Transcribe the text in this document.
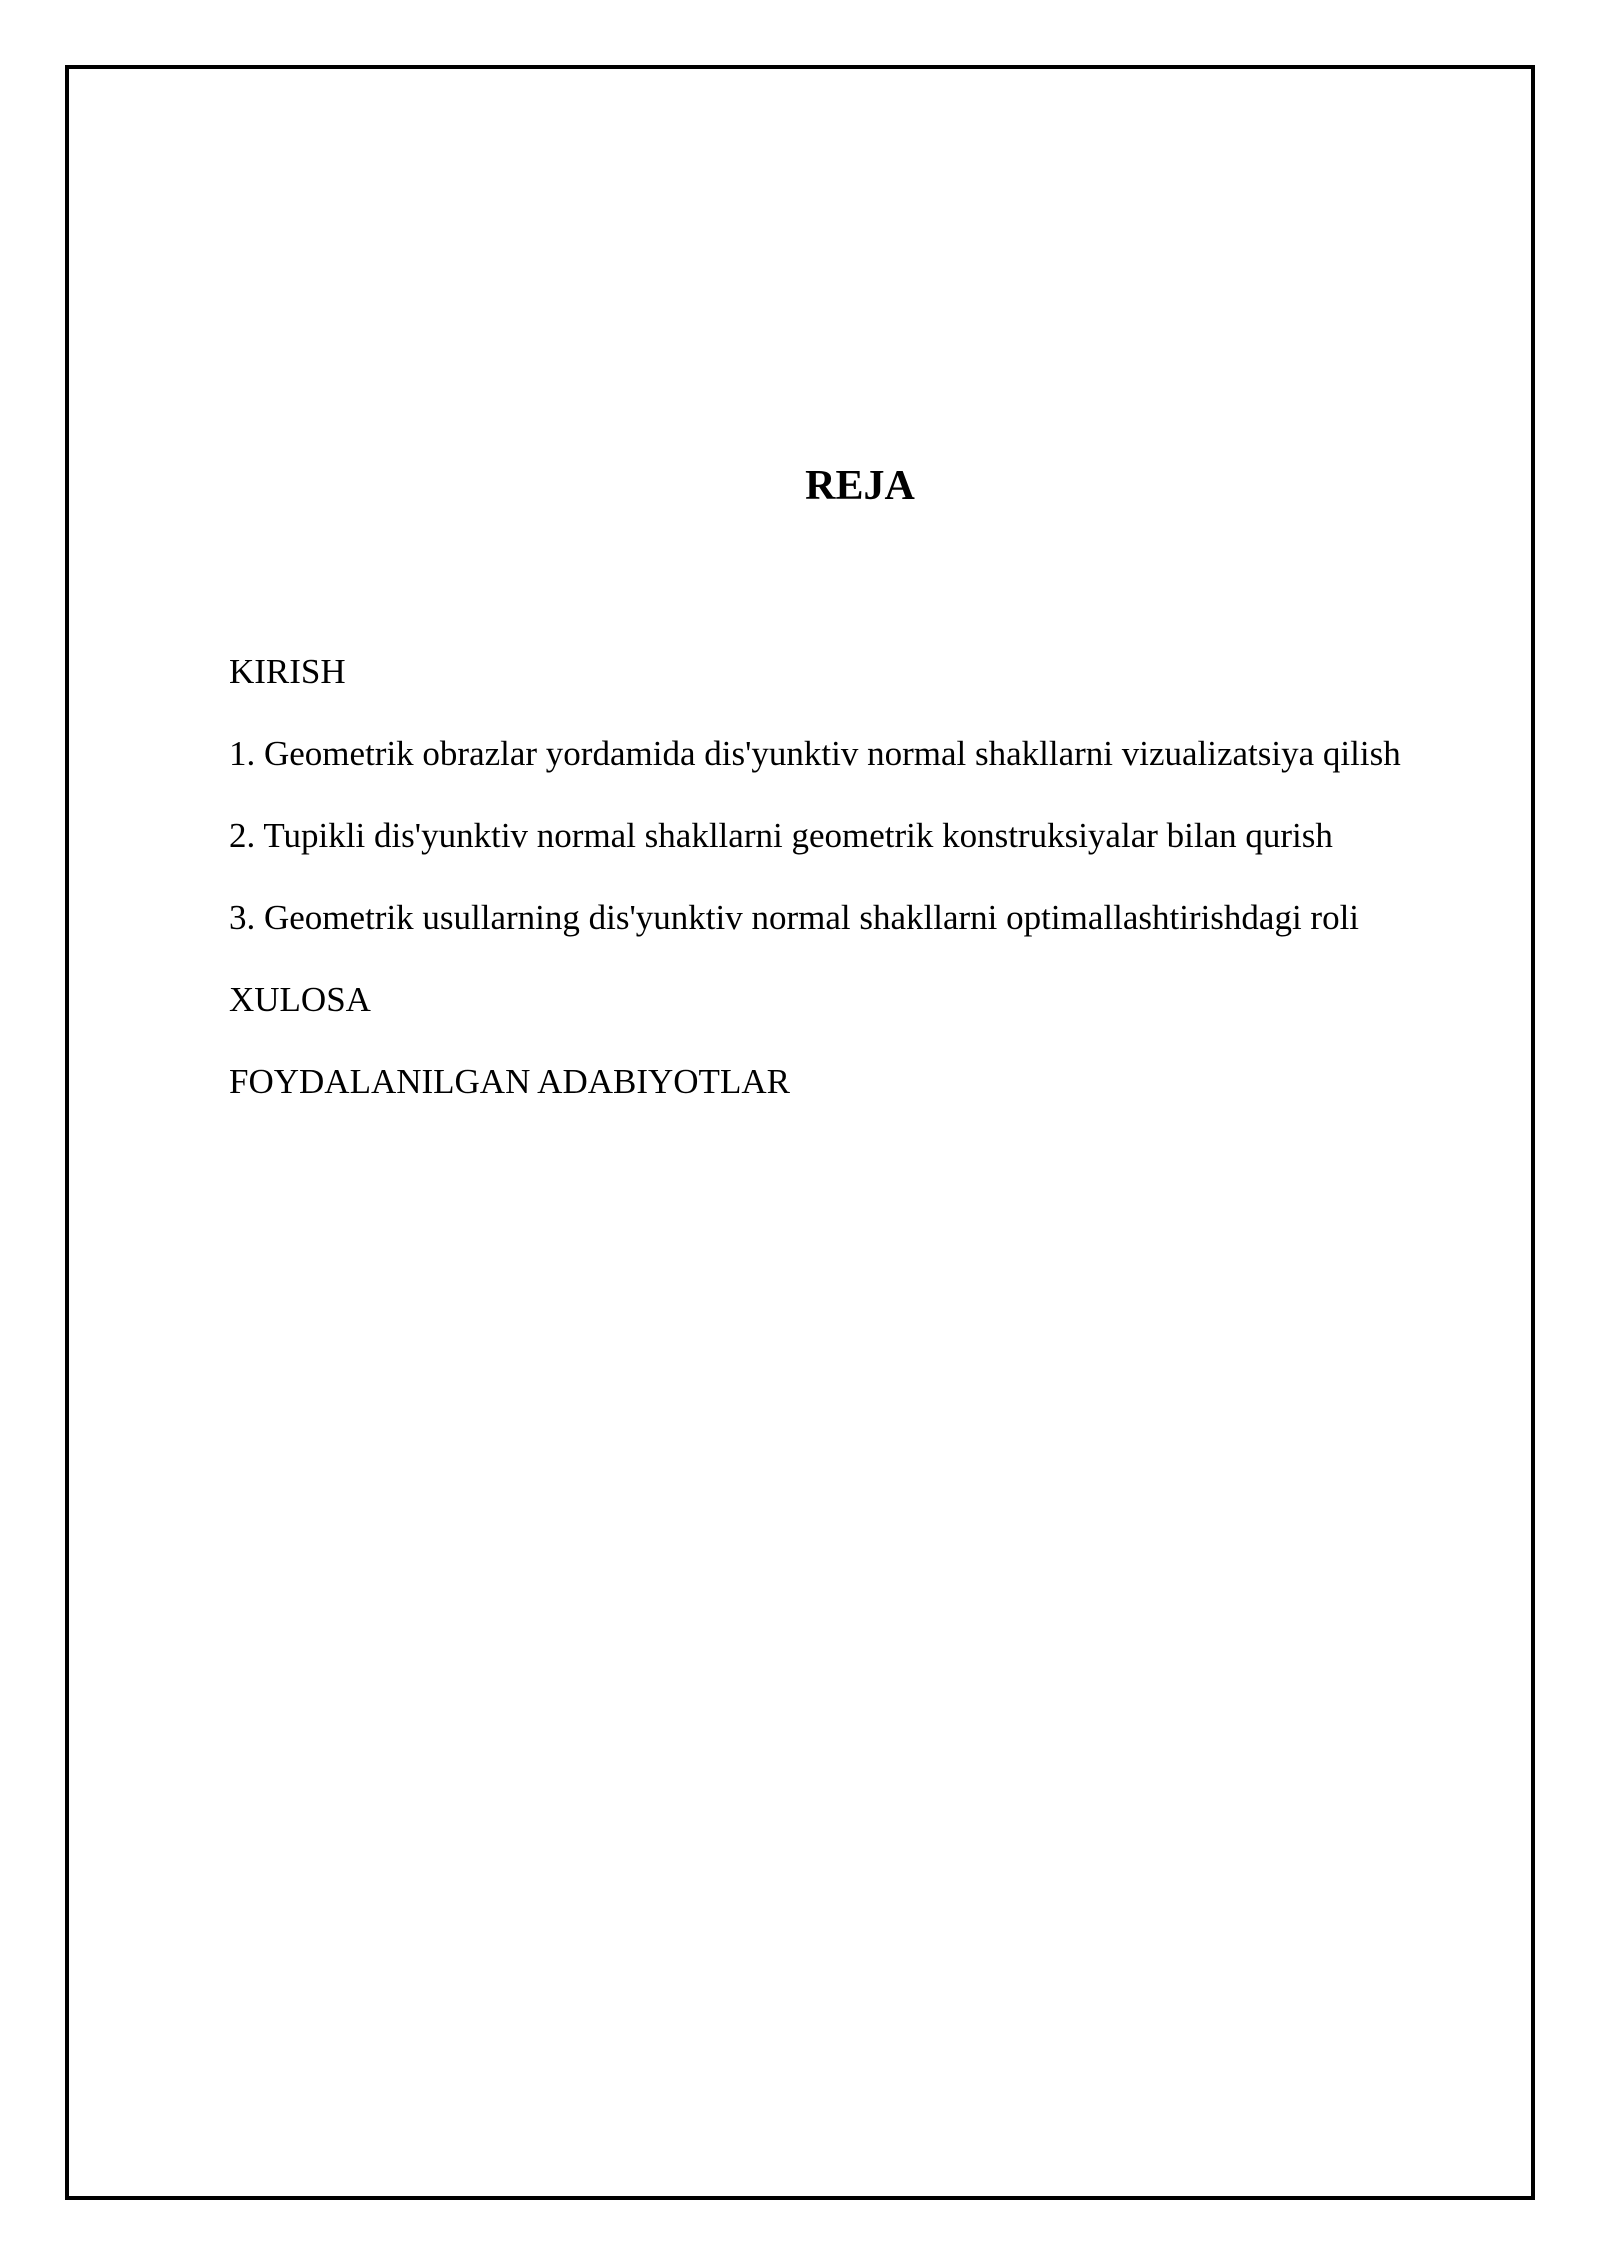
REJA
KIRISH
1. Geometrik obrazlar yordamida dis'yunktiv normal shakllarni vizualizatsiya qilish
2. Tupikli dis'yunktiv normal shakllarni geometrik konstruksiyalar bilan qurish
3. Geometrik usullarning dis'yunktiv normal shakllarni optimallashtirishdagi roli
XULOSA
FOYDALANILGAN ADABIYOTLAR
